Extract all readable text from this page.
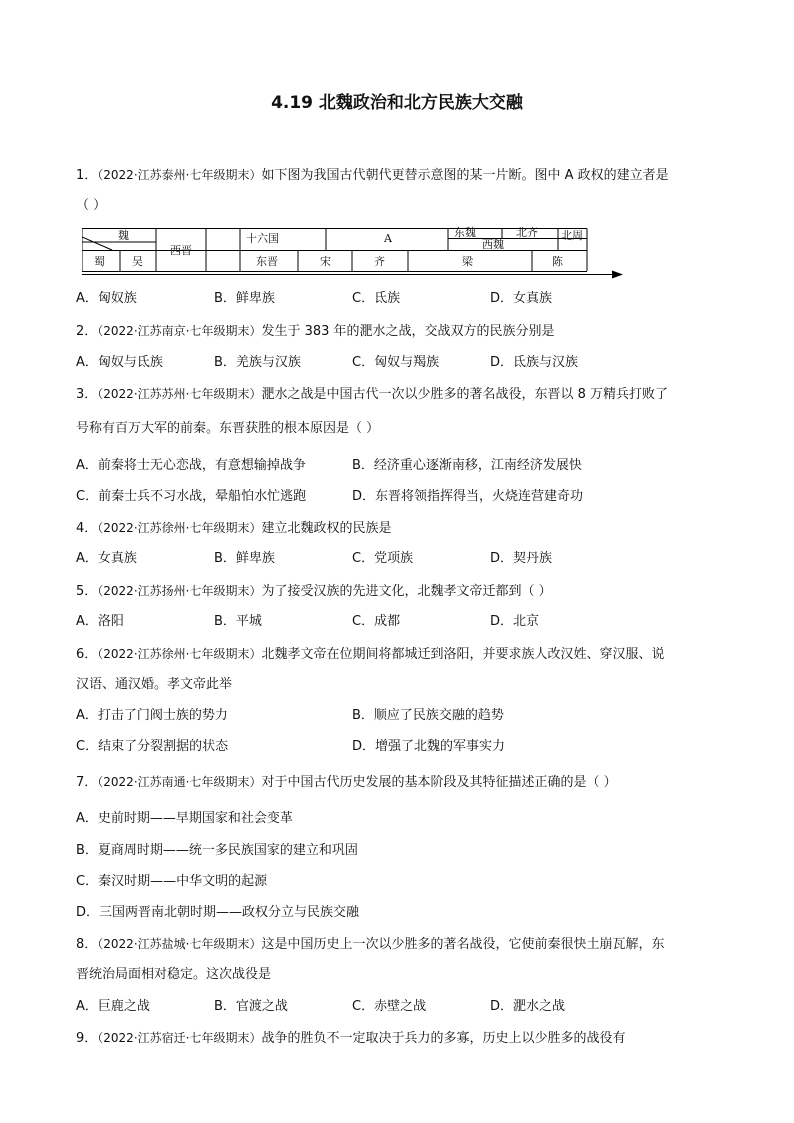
4.19 北魏政治和北方民族大交融
1．（2022·江苏泰州·七年级期末）如下图为我国古代朝代更替示意图的某一片断。图中 A 政权的建立者是
（ ）
魏
蜀 吴
西晋
十六国	A	东魏	北齐
西魏
北周
东晋	宋	齐	梁	陈
A．匈奴族	B．鲜卑族	C．氐族	D．女真族
2．（2022·江苏南京·七年级期末）发生于 383 年的淝水之战，交战双方的民族分别是
A．匈奴与氐族	B．羌族与汉族	C．匈奴与羯族	D．氐族与汉族
3．（2022·江苏苏州·七年级期末）淝水之战是中国古代一次以少胜多的著名战役，东晋以 8 万精兵打败了
号称有百万大军的前秦。东晋获胜的根本原因是（ ）
A．前秦将士无心恋战，有意想输掉战争	B．经济重心逐渐南移，江南经济发展快
C．前秦士兵不习水战，晕船怕水忙逃跑	D．东晋将领指挥得当，火烧连营建奇功
4．（2022·江苏徐州·七年级期末）建立北魏政权的民族是
A．女真族	B．鲜卑族	C．党项族	D．契丹族
5．（2022·江苏扬州·七年级期末）为了接受汉族的先进文化，北魏孝文帝迁都到（ ）
A．洛阳	B．平城	C．成都	D．北京
6．（2022·江苏徐州·七年级期末）北魏孝文帝在位期间将都城迁到洛阳，并要求族人改汉姓、穿汉服、说
汉语、通汉婚。孝文帝此举
A．打击了门阀士族的势力	B．顺应了民族交融的趋势
C．结束了分裂割据的状态	D．增强了北魏的军事实力
7．（2022·江苏南通·七年级期末）对于中国古代历史发展的基本阶段及其特征描述正确的是（ ）
A．史前时期——早期国家和社会变革
B．夏商周时期——统一多民族国家的建立和巩固
C．秦汉时期——中华文明的起源
D．三国两晋南北朝时期——政权分立与民族交融
8．（2022·江苏盐城·七年级期末）这是中国历史上一次以少胜多的著名战役，它使前秦很快土崩瓦解，东
晋统治局面相对稳定。这次战役是
A．巨鹿之战	B．官渡之战	C．赤壁之战	D．淝水之战
9．（2022·江苏宿迁·七年级期末）战争的胜负不一定取决于兵力的多寡，历史上以少胜多的战役有
